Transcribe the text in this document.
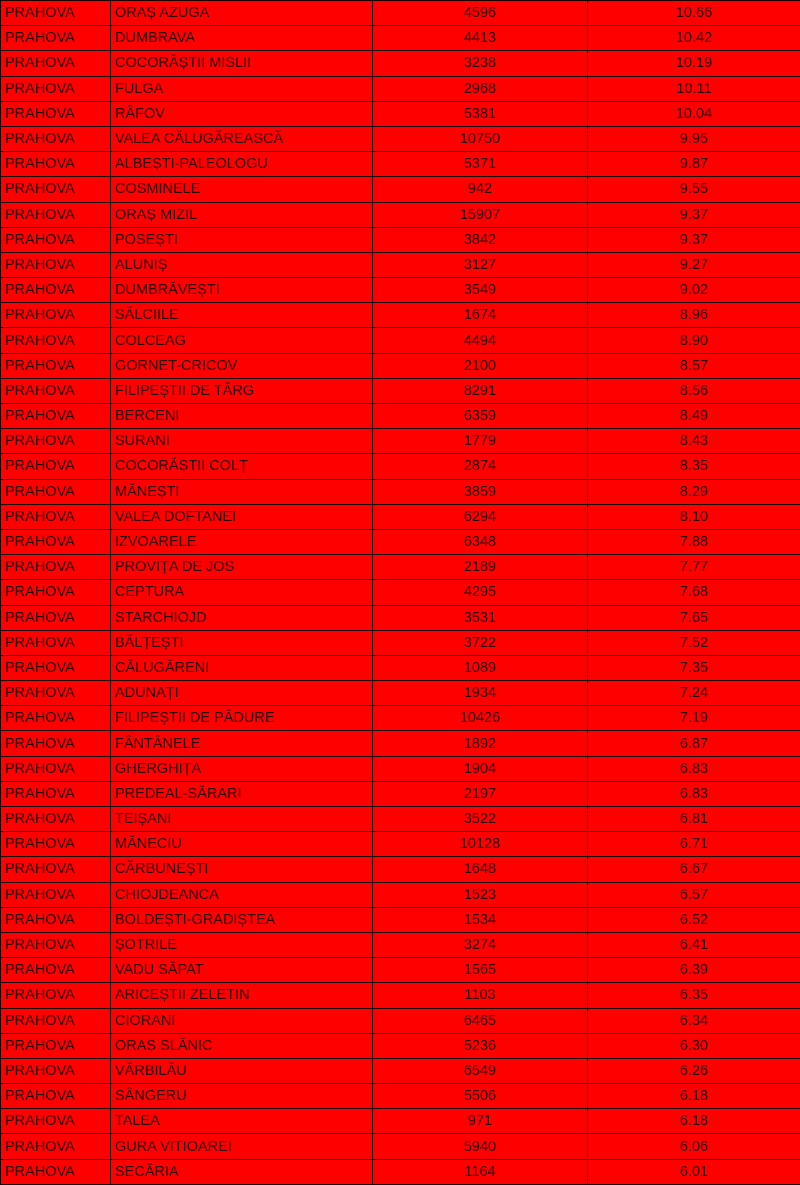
PRAHOVA	ORAȘ AZUGA	4596	10.66
PRAHOVA	DUMBRAVA	4413	10.42
PRAHOVA	COCORĂȘTII MISLII	3238	10.19
PRAHOVA	FULGA	2968	10.11
PRAHOVA	RÂFOV	5381	10.04
PRAHOVA	VALEA CĂLUGĂREASCĂ	10750	9.95
PRAHOVA	ALBEȘTI-PALEOLOGU	5371	9.87
PRAHOVA	COSMINELE	942	9.55
PRAHOVA	ORAȘ MIZIL	15907	9.37
PRAHOVA	POSEȘTI	3842	9.37
PRAHOVA	ALUNIȘ	3127	9.27
PRAHOVA	DUMBRĂVEȘTI	3549	9.02
PRAHOVA	SĂLCIILE	1674	8.96
PRAHOVA	COLCEAG	4494	8.90
PRAHOVA	GORNET-CRICOV	2100	8.57
PRAHOVA	FILIPEȘTII DE TÂRG	8291	8.56
PRAHOVA	BERCENI	6359	8.49
PRAHOVA	SURANI	1779	8.43
PRAHOVA	COCORĂȘTII COLȚ	2874	8.35
PRAHOVA	MĂNEȘTI	3859	8.29
PRAHOVA	VALEA DOFTANEI	6294	8.10
PRAHOVA	IZVOARELE	6348	7.88
PRAHOVA	PROVIȚA DE JOS	2189	7.77
PRAHOVA	CEPTURA	4295	7.68
PRAHOVA	STARCHIOJD	3531	7.65
PRAHOVA	BĂLȚEȘTI	3722	7.52
PRAHOVA	CĂLUGĂRENI	1089	7.35
PRAHOVA	ADUNAȚI	1934	7.24
PRAHOVA	FILIPEȘTII DE PĂDURE	10426	7.19
PRAHOVA	FÂNTÂNELE	1892	6.87
PRAHOVA	GHERGHIȚA	1904	6.83
PRAHOVA	PREDEAL-SĂRARI	2197	6.83
PRAHOVA	TEIȘANI	3522	6.81
PRAHOVA	MĂNECIU	10128	6.71
PRAHOVA	CĂRBUNEȘTI	1648	6.67
PRAHOVA	CHIOJDEANCA	1523	6.57
PRAHOVA	BOLDEȘTI-GRADIȘTEA	1534	6.52
PRAHOVA	ȘOTRILE	3274	6.41
PRAHOVA	VADU SĂPAT	1565	6.39
PRAHOVA	ARICEȘTII ZELETIN	1103	6.35
PRAHOVA	CIORANI	6465	6.34
PRAHOVA	ORAȘ SLĂNIC	5236	6.30
PRAHOVA	VĂRBILĂU	6549	6.26
PRAHOVA	SÂNGERU	5506	6.18
PRAHOVA	TALEA	971	6.18
PRAHOVA	GURA VITIOAREI	5940	6.06
PRAHOVA	SECĂRIA	1164	6.01
